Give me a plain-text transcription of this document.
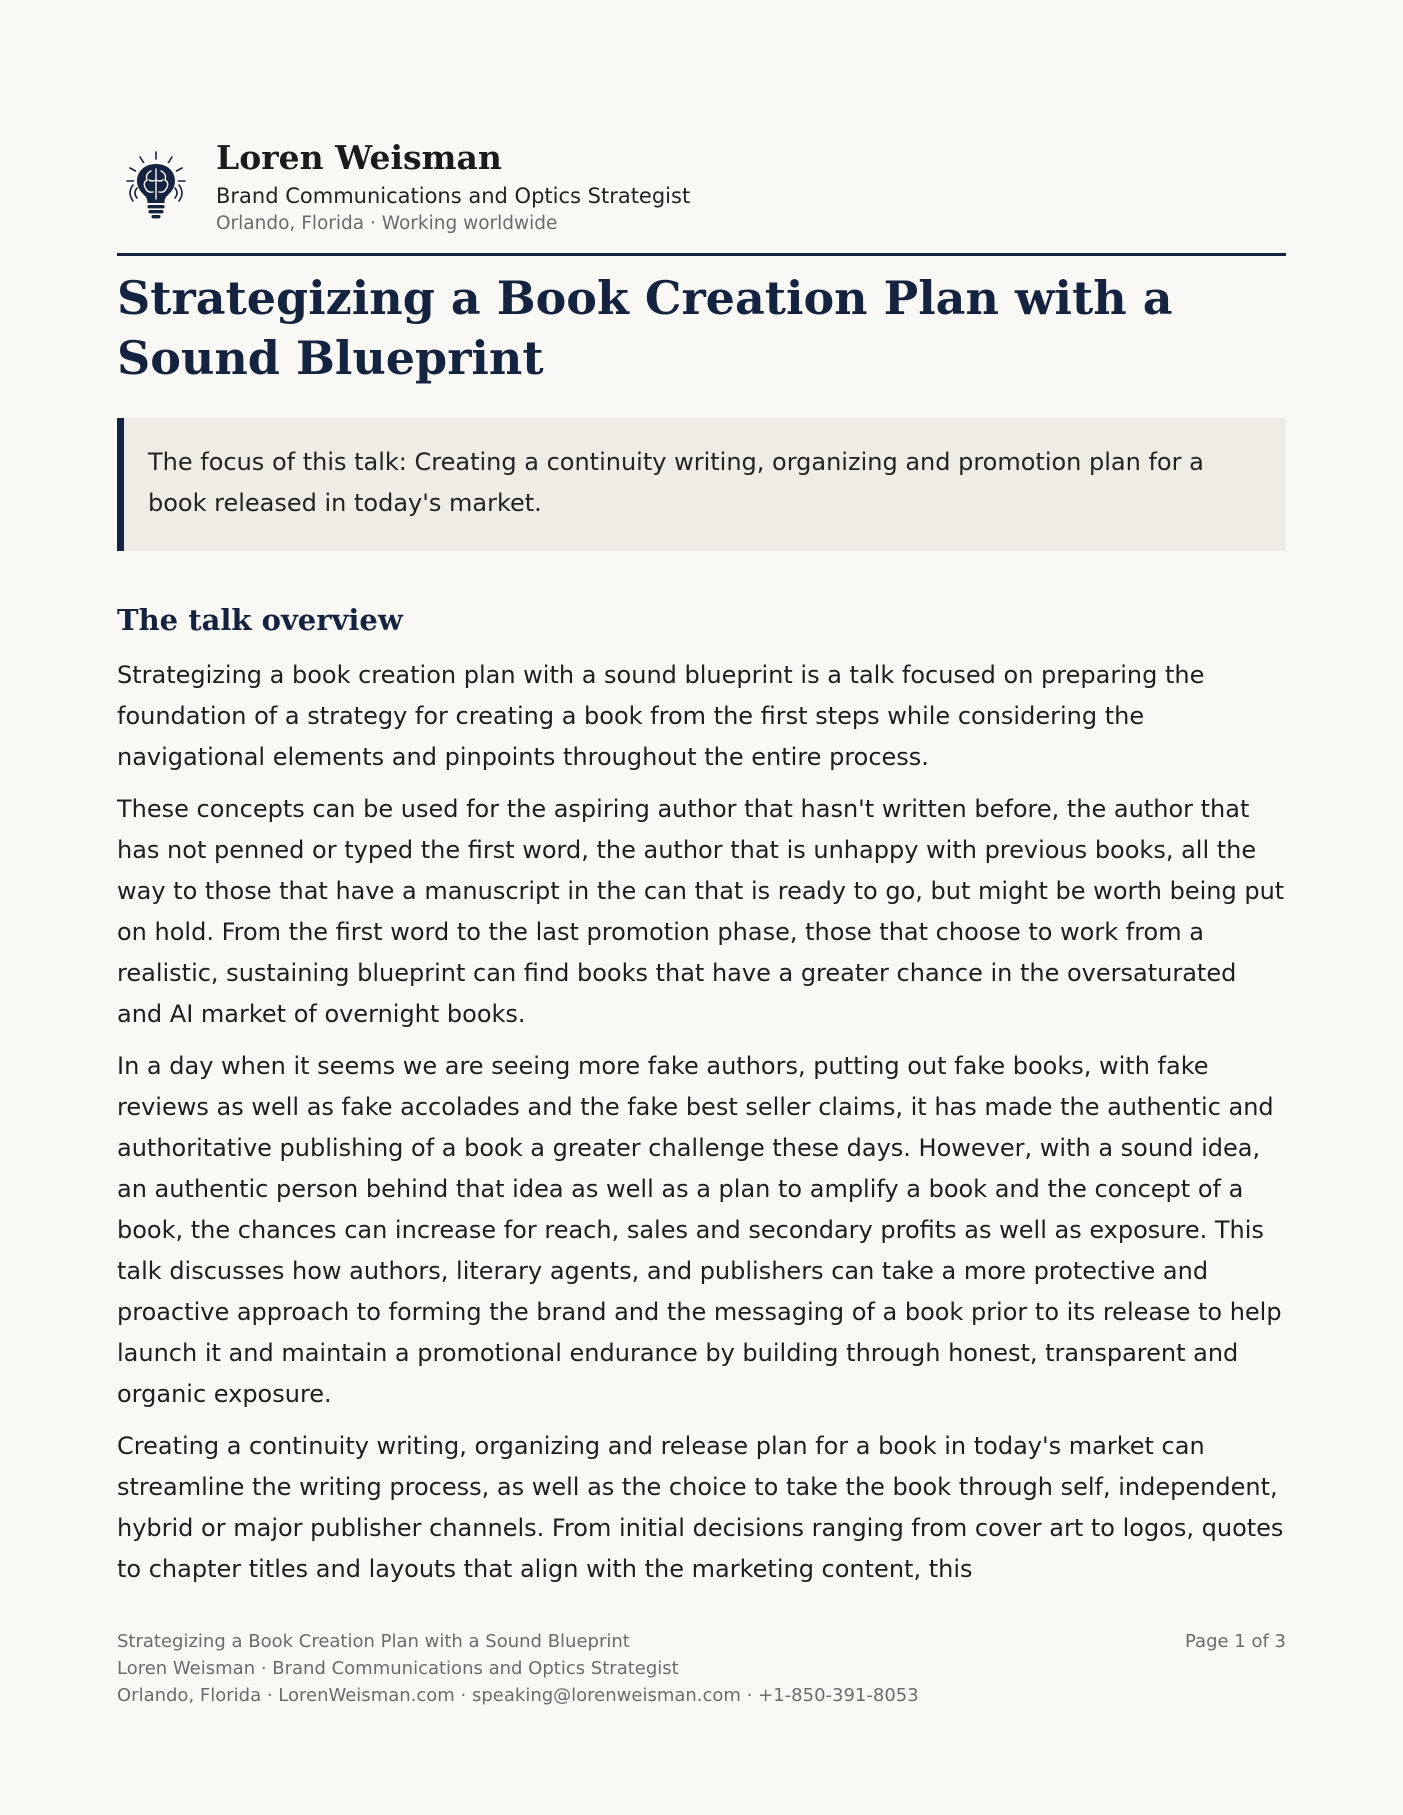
Loren Weisman
Brand Communications and Optics Strategist
Orlando, Florida · Working worldwide
Strategizing a Book Creation Plan with a Sound Blueprint
The focus of this talk: Creating a continuity writing, organizing and promotion plan for a book released in today's market.
The talk overview

Strategizing a book creation plan with a sound blueprint is a talk focused on preparing the foundation of a strategy for creating a book from the first steps while considering the navigational elements and pinpoints throughout the entire process.

These concepts can be used for the aspiring author that hasn't written before, the author that has not penned or typed the first word, the author that is unhappy with previous books, all the way to those that have a manuscript in the can that is ready to go, but might be worth being put on hold. From the first word to the last promotion phase, those that choose to work from a realistic, sustaining blueprint can find books that have a greater chance in the oversaturated and AI market of overnight books.

In a day when it seems we are seeing more fake authors, putting out fake books, with fake reviews as well as fake accolades and the fake best seller claims, it has made the authentic and authoritative publishing of a book a greater challenge these days. However, with a sound idea, an authentic person behind that idea as well as a plan to amplify a book and the concept of a book, the chances can increase for reach, sales and secondary profits as well as exposure. This talk discusses how authors, literary agents, and publishers can take a more protective and proactive approach to forming the brand and the messaging of a book prior to its release to help launch it and maintain a promotional endurance by building through honest, transparent and organic exposure.

Creating a continuity writing, organizing and release plan for a book in today's market can streamline the writing process, as well as the choice to take the book through self, independent, hybrid or major publisher channels. From initial decisions ranging from cover art to logos, quotes to chapter titles and layouts that align with the marketing content, this

Strategizing a Book Creation Plan with a Sound Blueprint
Loren Weisman · Brand Communications and Optics Strategist
Orlando, Florida · LorenWeisman.com · speaking@lorenweisman.com · +1-850-391-8053
Page 1 of 3
